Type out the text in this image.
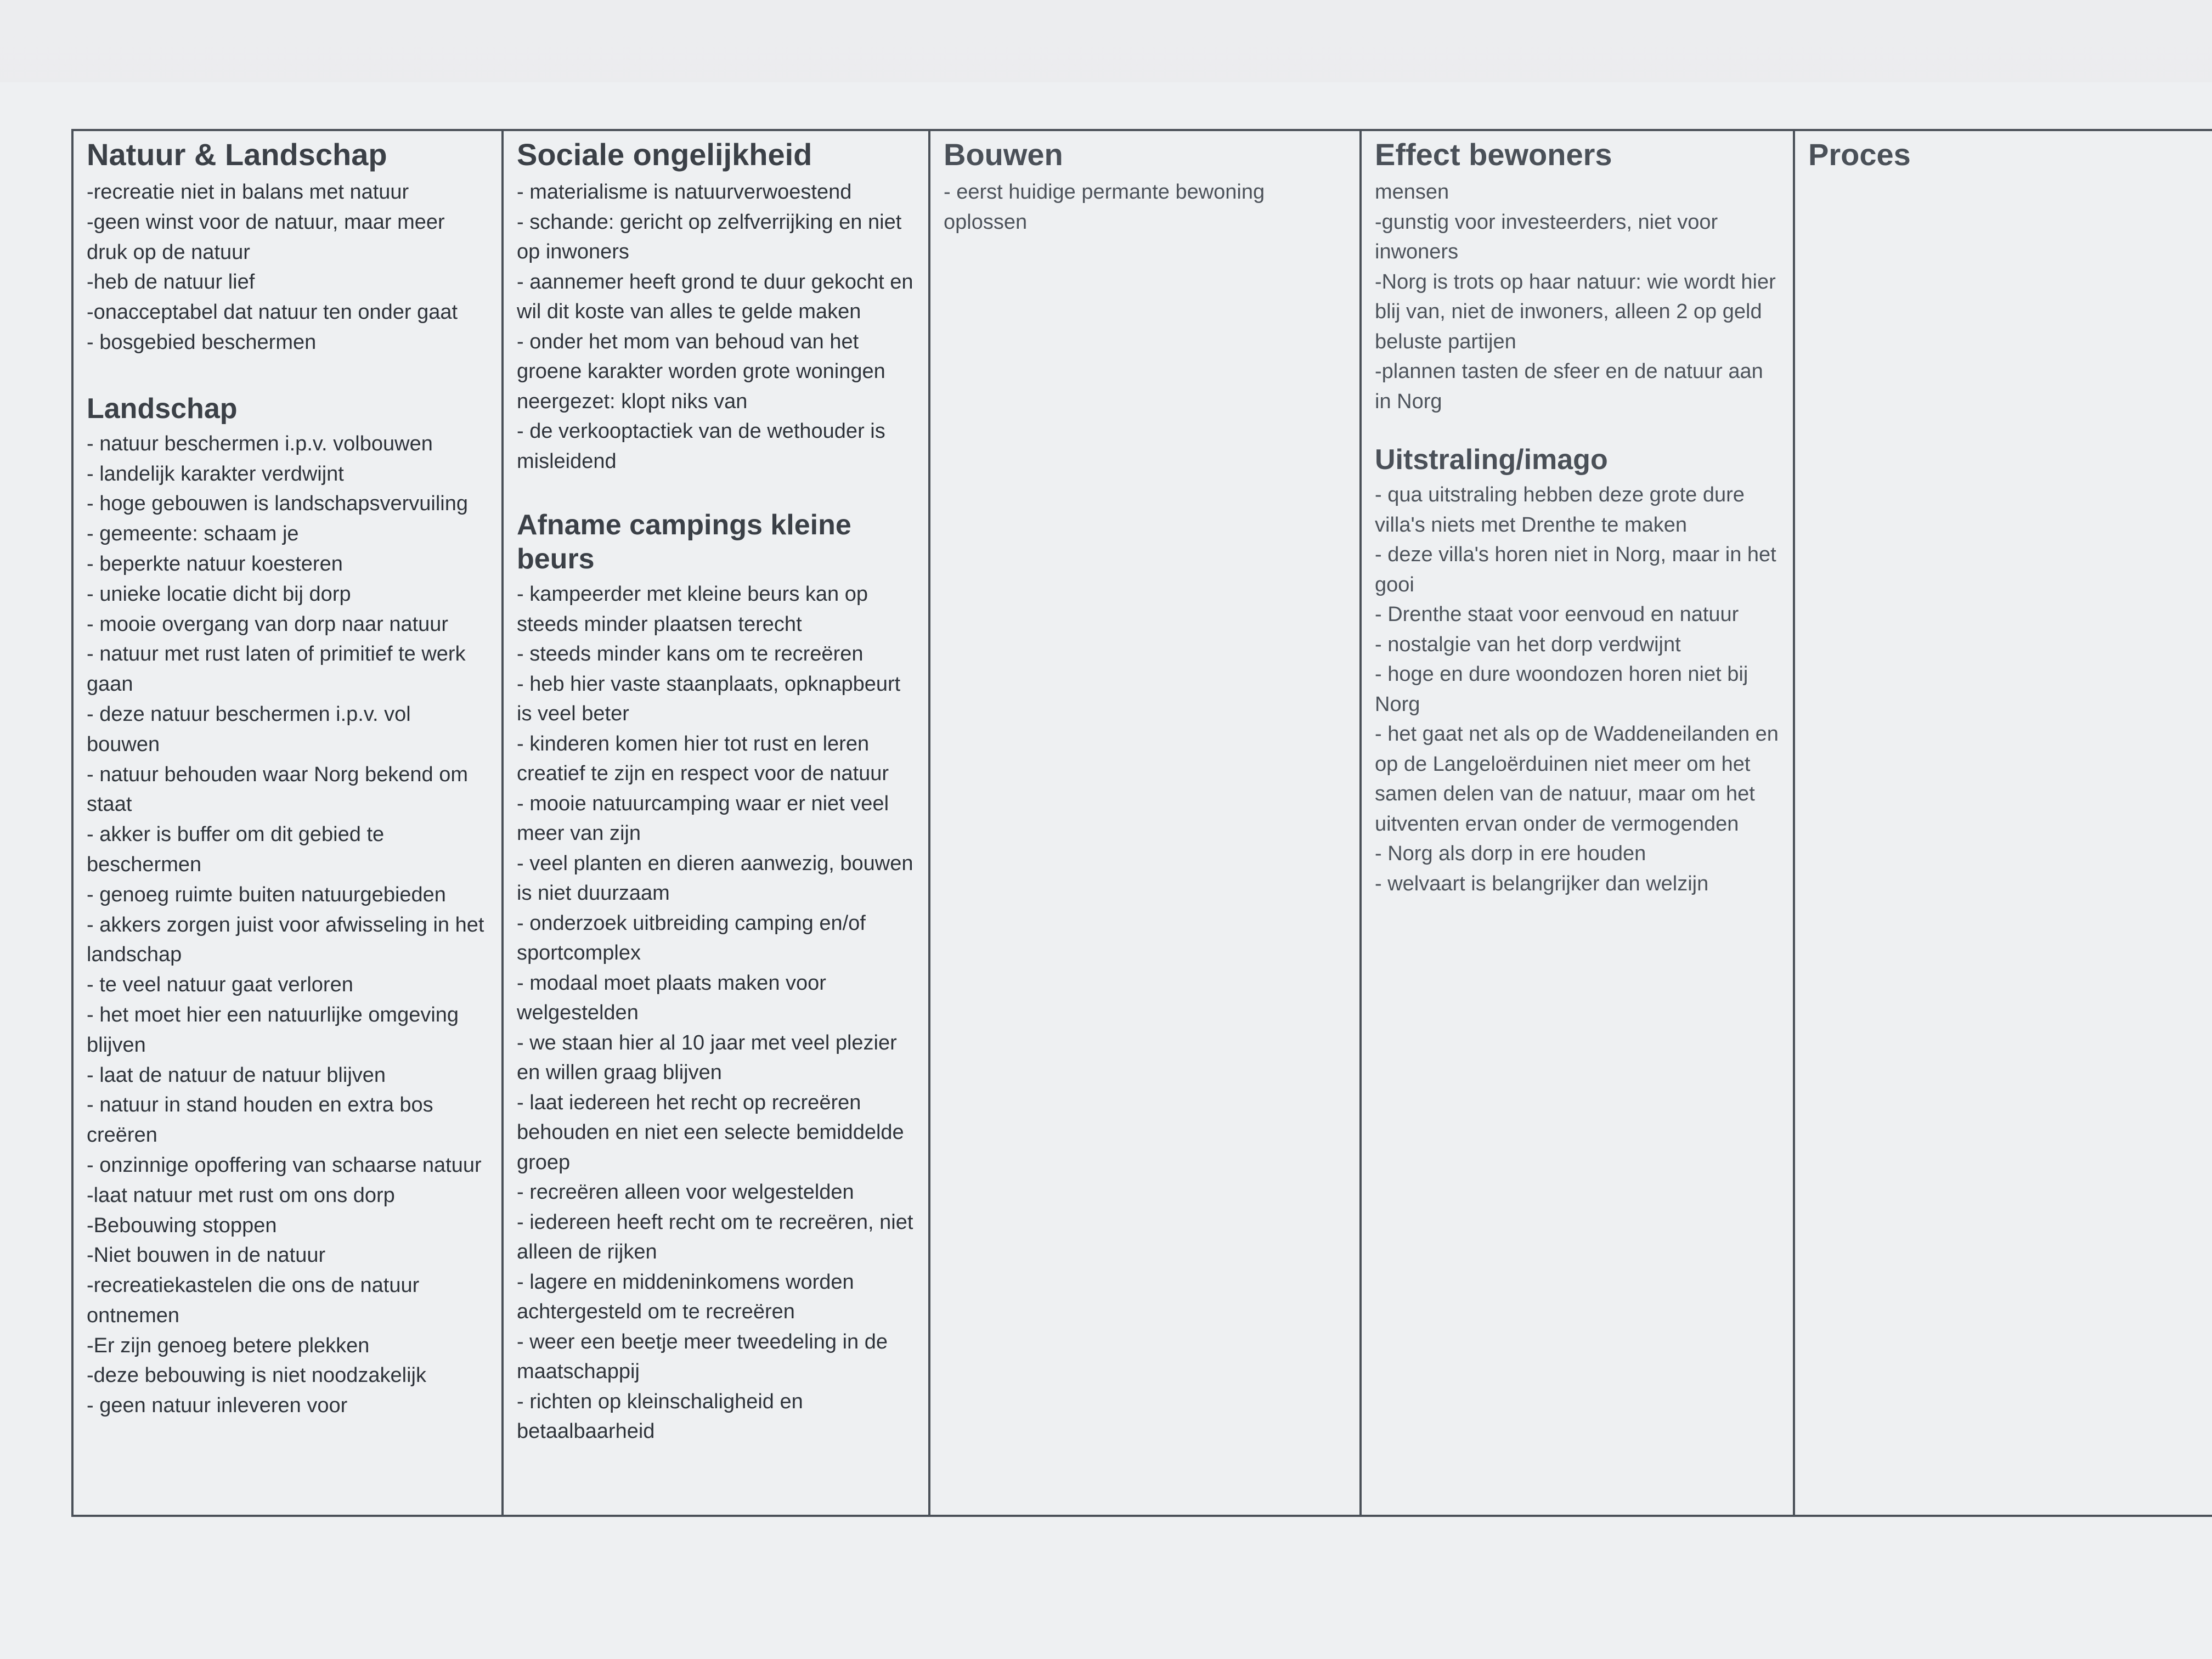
Natuur & Landschap
-recreatie niet in balans met natuur
-geen winst voor de natuur, maar meer druk op de natuur
-heb de natuur lief
-onacceptabel dat natuur ten onder gaat
- bosgebied beschermen
Landschap
- natuur beschermen i.p.v. volbouwen
- landelijk karakter verdwijnt
- hoge gebouwen is landschapsvervuiling
- gemeente: schaam je
- beperkte natuur koesteren
- unieke locatie dicht bij dorp
- mooie overgang van dorp naar natuur
- natuur met rust laten of primitief te werk gaan
- deze natuur beschermen i.p.v. vol bouwen
- natuur behouden waar Norg bekend om staat
- akker is buffer om dit gebied te beschermen
- genoeg ruimte buiten natuurgebieden
- akkers zorgen juist voor afwisseling in het landschap
- te veel natuur gaat verloren
- het moet hier een natuurlijke omgeving blijven
- laat de natuur de natuur blijven
- natuur in stand houden en extra bos creëren
- onzinnige opoffering van schaarse natuur
-laat natuur met rust om ons dorp
-Bebouwing stoppen
-Niet bouwen in de natuur
-recreatiekastelen die ons de natuur ontnemen
-Er zijn genoeg betere plekken
-deze bebouwing is niet noodzakelijk
- geen natuur inleveren voor
Sociale ongelijkheid
- materialisme is natuurverwoestend
- schande: gericht op zelfverrijking en niet op inwoners
- aannemer heeft grond te duur gekocht en wil dit koste van alles te gelde maken
- onder het mom van behoud van het groene karakter worden grote woningen neergezet: klopt niks van
- de verkooptactiek van de wethouder is misleidend
Afname campings kleine beurs
- kampeerder met kleine beurs kan op steeds minder plaatsen terecht
- steeds minder kans om te recreëren
- heb hier vaste staanplaats, opknapbeurt is veel beter
- kinderen komen hier tot rust en leren creatief te zijn en respect voor de natuur
- mooie natuurcamping waar er niet veel meer van zijn
- veel planten en dieren aanwezig, bouwen is niet duurzaam
- onderzoek uitbreiding camping en/of sportcomplex
- modaal moet plaats maken voor welgestelden
- we staan hier al 10 jaar met veel plezier en willen graag blijven
- laat iedereen het recht op recreëren behouden en niet een selecte bemiddelde groep
- recreëren alleen voor welgestelden
- iedereen heeft recht om te recreëren, niet alleen de rijken
- lagere en middeninkomens worden achtergesteld om te recreëren
- weer een beetje meer tweedeling in de maatschappij
- richten op kleinschaligheid en betaalbaarheid
Bouwen
- eerst huidige permante bewoning oplossen
Effect bewoners
mensen
-gunstig voor investeerders, niet voor inwoners
-Norg is trots op haar natuur: wie wordt hier blij van, niet de inwoners, alleen 2 op geld beluste partijen
-plannen tasten de sfeer en de natuur aan in Norg
Uitstraling/imago
- qua uitstraling hebben deze grote dure villa's niets met Drenthe te maken
- deze villa's horen niet in Norg, maar in het gooi
- Drenthe staat voor eenvoud en natuur
- nostalgie van het dorp verdwijnt
- hoge en dure woondozen horen niet bij Norg
- het gaat net als op de Waddeneilanden en op de Langeloërduinen niet meer om het samen delen van de natuur, maar om het uitventen ervan onder de vermogenden
- Norg als dorp in ere houden
- welvaart is belangrijker dan welzijn
Proces
